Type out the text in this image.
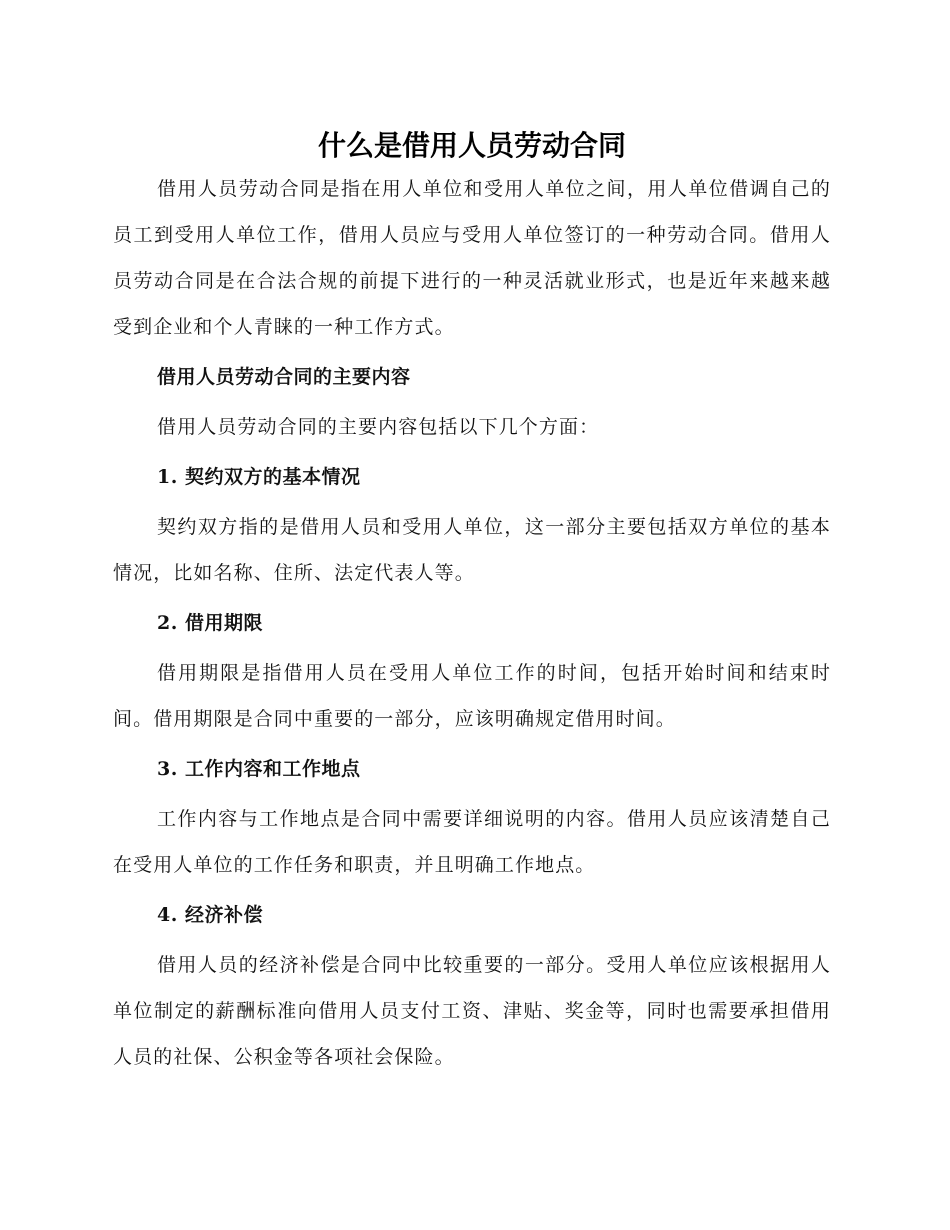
什么是借用人员劳动合同

借用人员劳动合同是指在用人单位和受用人单位之间，用人单位借调自己的员工到受用人单位工作，借用人员应与受用人单位签订的一种劳动合同。借用人员劳动合同是在合法合规的前提下进行的一种灵活就业形式，也是近年来越来越受到企业和个人青睐的一种工作方式。

借用人员劳动合同的主要内容

借用人员劳动合同的主要内容包括以下几个方面：

1. 契约双方的基本情况

契约双方指的是借用人员和受用人单位，这一部分主要包括双方单位的基本情况，比如名称、住所、法定代表人等。

2. 借用期限

借用期限是指借用人员在受用人单位工作的时间，包括开始时间和结束时间。借用期限是合同中重要的一部分，应该明确规定借用时间。

3. 工作内容和工作地点

工作内容与工作地点是合同中需要详细说明的内容。借用人员应该清楚自己在受用人单位的工作任务和职责，并且明确工作地点。

4. 经济补偿

借用人员的经济补偿是合同中比较重要的一部分。受用人单位应该根据用人单位制定的薪酬标准向借用人员支付工资、津贴、奖金等，同时也需要承担借用人员的社保、公积金等各项社会保险。
